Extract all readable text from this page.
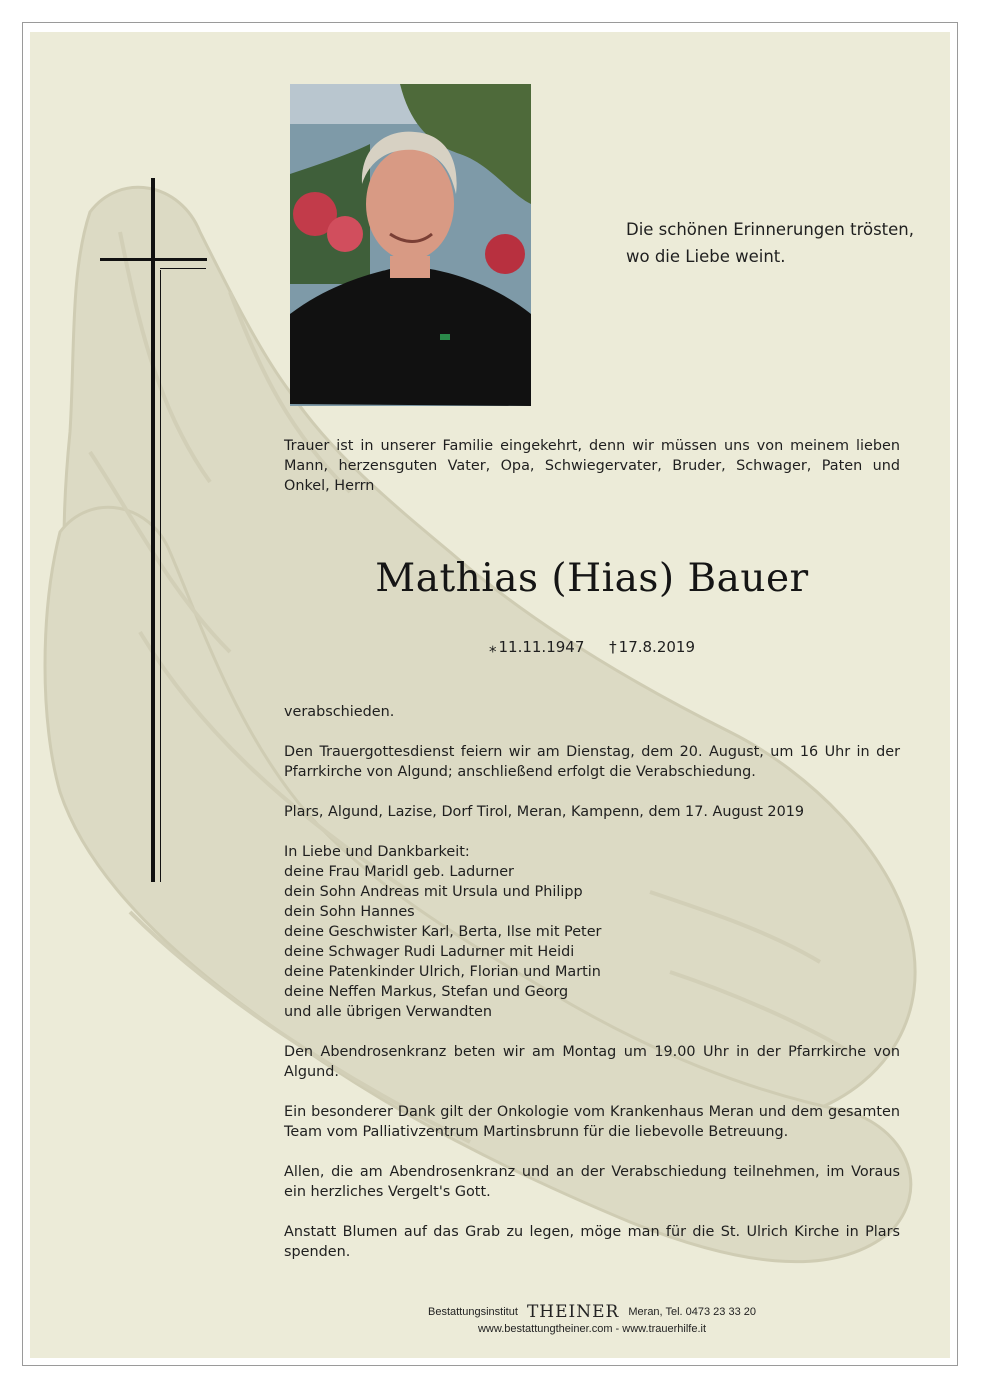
Die schönen Erinnerungen trösten,

wo die Liebe weint.

Trauer ist in unserer Familie eingekehrt, denn wir müssen uns von meinem lieben Mann, herzensguten Vater, Opa, Schwiegervater, Bruder, Schwager, Paten und Onkel, Herrn
Mathias (Hias) Bauer
⁎ 11.11.1947 † 17.8.2019

verabschieden.

Den Trauergottesdienst feiern wir am Dienstag, dem 20. August, um 16 Uhr in der Pfarrkirche von Algund; anschließend erfolgt die Verabschiedung.

Plars, Algund, Lazise, Dorf Tirol, Meran, Kampenn, dem 17. August 2019

In Liebe und Dankbarkeit:
deine Frau Maridl geb. Ladurner
dein Sohn Andreas mit Ursula und Philipp
dein Sohn Hannes
deine Geschwister Karl, Berta, Ilse mit Peter
deine Schwager Rudi Ladurner mit Heidi
deine Patenkinder Ulrich, Florian und Martin
deine Neffen Markus, Stefan und Georg
und alle übrigen Verwandten

Den Abendrosenkranz beten wir am Montag um 19.00 Uhr in der Pfarrkirche von Algund.

Ein besonderer Dank gilt der Onkologie vom Krankenhaus Meran und dem gesamten Team vom Palliativzentrum Martinsbrunn für die liebevolle Betreuung.

Allen, die am Abendrosenkranz und an der Verabschiedung teilnehmen, im Voraus ein herzliches Vergelt's Gott.

Anstatt Blumen auf das Grab zu legen, möge man für die St. Ulrich Kirche in Plars spenden.

Bestattungsinstitut THEINER Meran, Tel. 0473 23 33 20
www.bestattungtheiner.com - www.trauerhilfe.it
